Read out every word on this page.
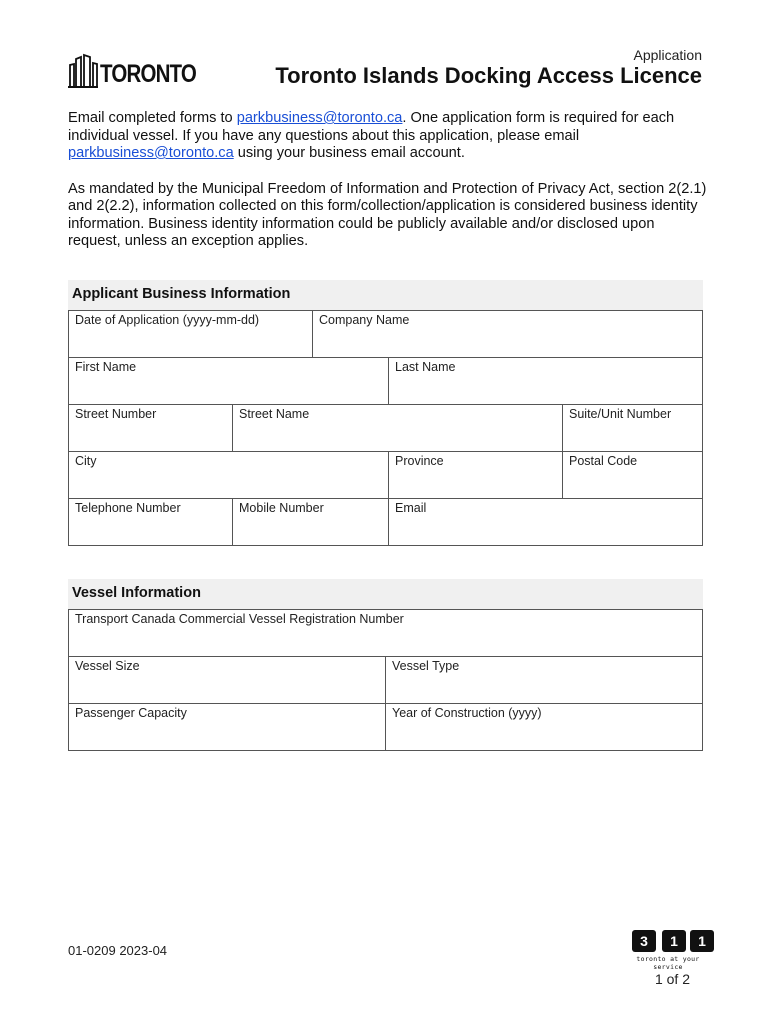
TORONTO
Application
Toronto Islands Docking Access Licence

Email completed forms to parkbusiness@toronto.ca. One application form is required for each individual vessel. If you have any questions about this application, please email parkbusiness@toronto.ca using your business email account.

As mandated by the Municipal Freedom of Information and Protection of Privacy Act, section 2(2.1) and 2(2.2), information collected on this form/collection/application is considered business identity information. Business identity information could be publicly available and/or disclosed upon request, unless an exception applies.

Applicant Business Information
Date of Application (yyyy-mm-dd)	Company Name
First Name	Last Name
Street Number	Street Name	Suite/Unit Number
City	Province	Postal Code
Telephone Number	Mobile Number	Email
Vessel Information
Transport Canada Commercial Vessel Registration Number
Vessel Size	Vessel Type
Passenger Capacity	Year of Construction (yyyy)
01-0209 2023-04
3	1	1
toronto at your service
1 of 2
